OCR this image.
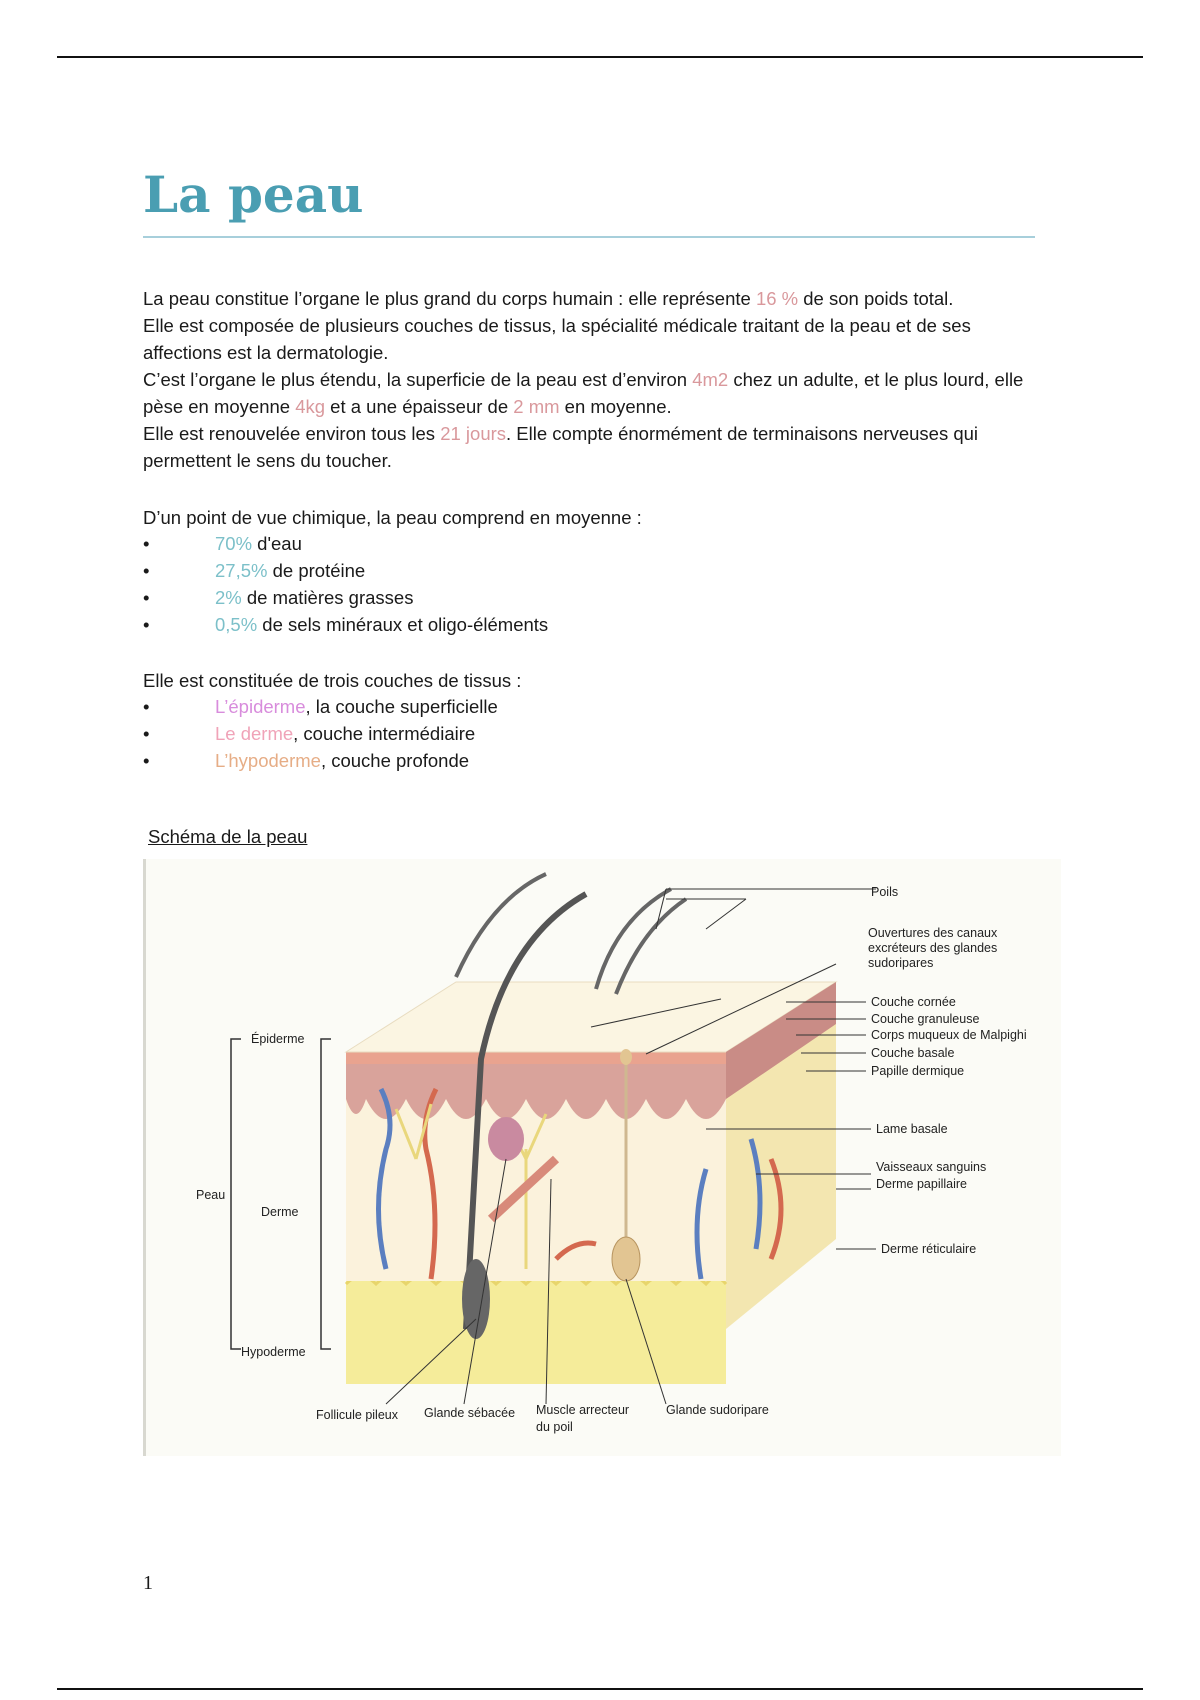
La peau

La peau constitue l’organe le plus grand du corps humain : elle représente 16 % de son poids total.
Elle est composée de plusieurs couches de tissus, la spécialité médicale traitant de la peau et de ses affections est la dermatologie.
C’est l’organe le plus étendu, la superficie de la peau est d’environ 4m2 chez un adulte, et le plus lourd, elle pèse en moyenne 4kg et a une épaisseur de 2 mm en moyenne.
Elle est renouvelée environ tous les 21 jours. Elle compte énormément de terminaisons nerveuses qui permettent le sens du toucher.

D’un point de vue chimique, la peau comprend en moyenne :

•	70% d'eau
•	27,5% de protéine
•	2% de matières grasses
•	0,5% de sels minéraux et oligo-éléments

Elle est constituée de trois couches de tissus :

•	L’épiderme, la couche superficielle
•	Le derme, couche intermédiaire
•	L’hypoderme, couche profonde
Schéma de la peau
Poils
Ouvertures des canaux
excréteurs des glandes
sudoripares
Couche cornée
Couche granuleuse
Corps muqueux de Malpighi
Couche basale
Papille dermique
Lame basale
Vaisseaux sanguins
Derme papillaire
Derme réticulaire
Épiderme
Peau
Derme
Hypoderme
Follicule pileux Glande sébacée Muscle arrecteur
du poil
Glande sudoripare
1
